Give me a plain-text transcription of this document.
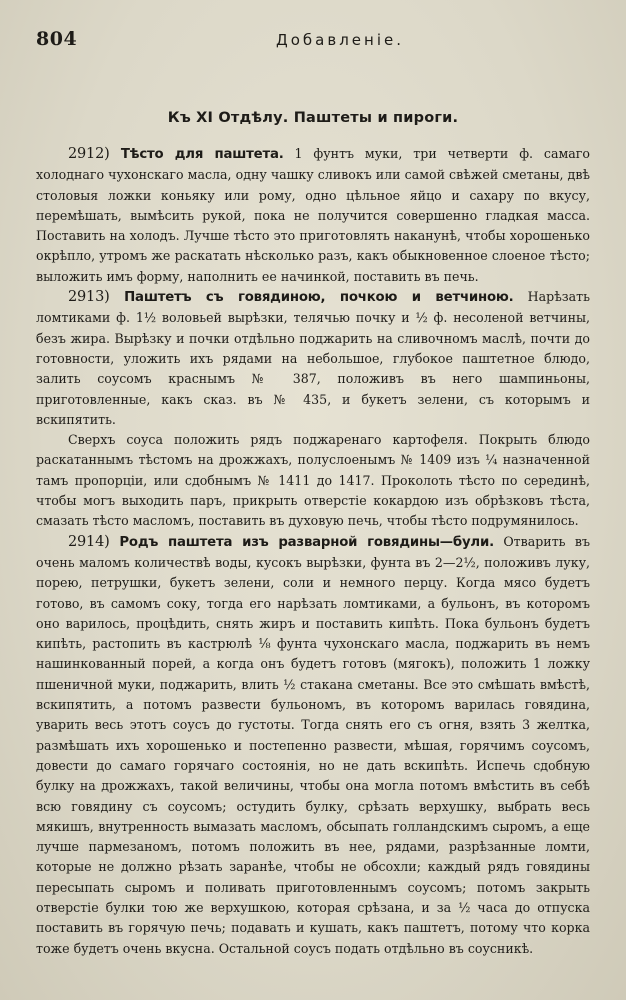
804	Добавленіе.
Къ XI Отдѣлу. Паштеты и пироги.

2912) Тѣсто для паштета. 1 фунтъ муки, три четверти ф. самаго холоднаго чухонскаго масла, одну чашку сливокъ или самой свѣжей сметаны, двѣ столовыя ложки коньяку или рому, одно цѣльное яйцо и сахару по вкусу, перемѣшать, вымѣсить рукой, пока не получится совершенно гладкая масса. Поставить на холодъ. Лучше тѣсто это приготовлять наканунѣ, чтобы хорошенько окрѣпло, утромъ же раскатать нѣсколько разъ, какъ обыкновенное слоеное тѣсто; выложить имъ форму, наполнить ее начинкой, поставить въ печь.

2913) Паштетъ съ говядиною, почкою и ветчиною. Нарѣзать ломтиками ф. 1½ воловьей вырѣзки, телячью почку и ½ ф. несоленой ветчины, безъ жира. Вырѣзку и почки отдѣльно поджарить на сливочномъ маслѣ, почти до готовности, уложить ихъ рядами на небольшое, глубокое паштетное блюдо, залить соусомъ краснымъ № 387, положивъ въ него шампиньоны, приготовленные, какъ сказ. въ № 435, и букетъ зелени, съ которымъ и вскипятить.

Сверхъ соуса положить рядъ поджаренаго картофеля. Покрыть блюдо раскатаннымъ тѣстомъ на дрожжахъ, полуслоенымъ № 1409 изъ ¼ назначенной тамъ пропорціи, или сдобнымъ № 1411 до 1417. Проколоть тѣсто по серединѣ, чтобы могъ выходить паръ, прикрыть отверстіе кокардою изъ обрѣзковъ тѣста, смазать тѣсто масломъ, поставить въ духовую печь, чтобы тѣсто подрумянилось.

2914) Родъ паштета изъ разварной говядины—були. Отварить въ очень маломъ количествѣ воды, кусокъ вырѣзки, фунта въ 2—2½, положивъ луку, порею, петрушки, букетъ зелени, соли и немного перцу. Когда мясо будетъ готово, въ самомъ соку, тогда его нарѣзать ломтиками, а бульонъ, въ которомъ оно варилось, процѣдить, снять жиръ и поставить кипѣть. Пока бульонъ будетъ кипѣть, растопить въ кастрюлѣ ⅛ фунта чухонскаго масла, поджарить въ немъ нашинкованный порей, а когда онъ будетъ готовъ (мягокъ), положить 1 ложку пшеничной муки, поджарить, влить ½ стакана сметаны. Все это смѣшать вмѣстѣ, вскипятить, а потомъ развести бульономъ, въ которомъ варилась говядина, уварить весь этотъ соусъ до густоты. Тогда снять его съ огня, взять 3 желтка, размѣшать ихъ хорошенько и постепенно развести, мѣшая, горячимъ соусомъ, довести до самаго горячаго состоянія, но не дать вскипѣть. Испечь сдобную булку на дрожжахъ, такой величины, чтобы она могла потомъ вмѣстить въ себѣ всю говядину съ соусомъ; остудить булку, срѣзать верхушку, выбрать весь мякишъ, внутренность вымазать масломъ, обсыпать голландскимъ сыромъ, а еще лучше пармезаномъ, потомъ положить въ нее, рядами, разрѣзанные ломти, которые не должно рѣзать заранѣе, чтобы не обсохли; каждый рядъ говядины пересыпать сыромъ и поливать приготовленнымъ соусомъ; потомъ закрыть отверстіе булки тою же верхушкою, которая срѣзана, и за ½ часа до отпуска поставить въ горячую печь; подавать и кушать, какъ паштетъ, потому что корка тоже будетъ очень вкусна. Остальной соусъ подать отдѣльно въ соусникѣ.
